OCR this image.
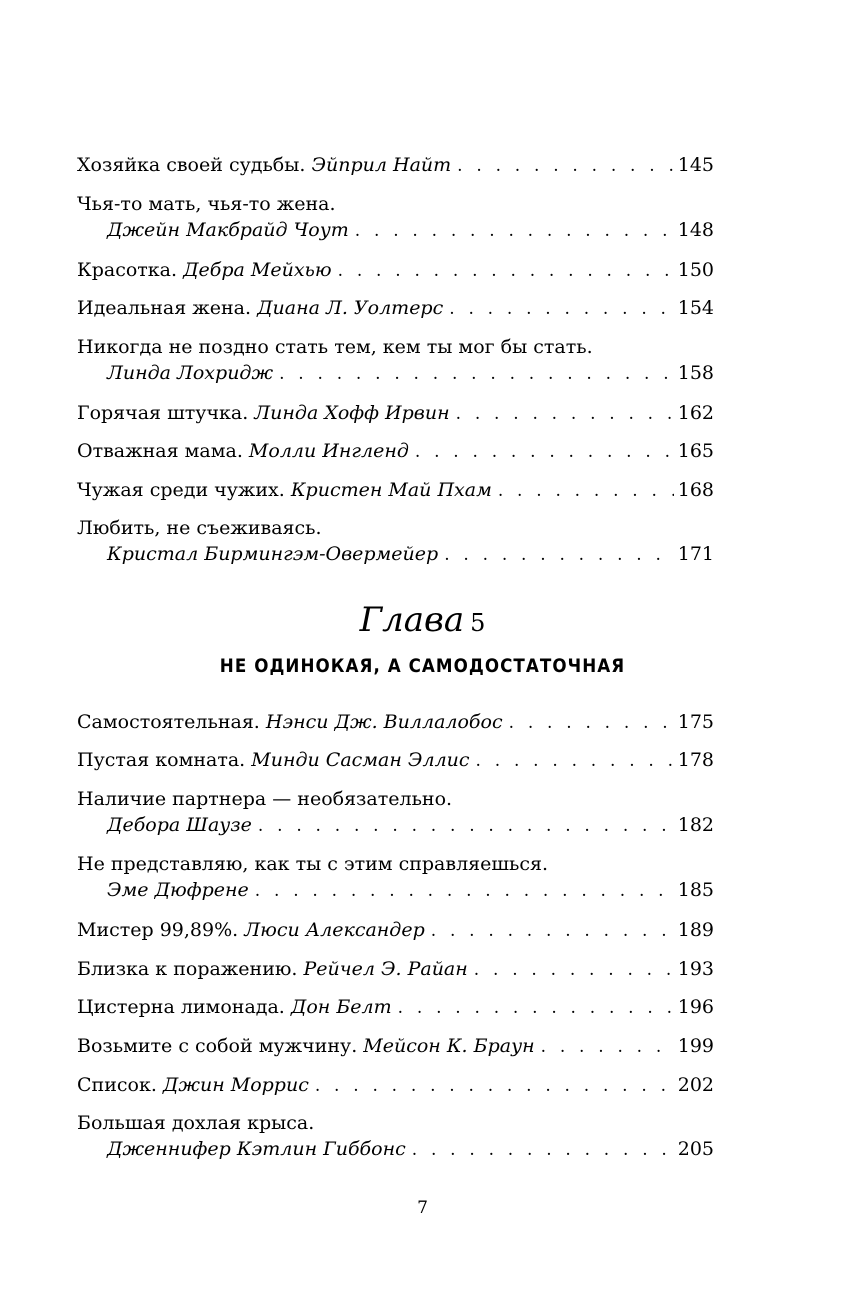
Хозяйка своей судьбы.
Эйприл Найт . . .	145
Чья-то мать, чья-то жена.
Джейн Макбрайд Чоут . . .	148
Красотка.
Дебра Мейхью . . .	150
Идеальная жена.
Диана Л. Уолтерс . . .	154
Никогда не поздно стать тем, кем ты мог бы стать.
Линда Лохридж . . .	158
Горячая штучка.
Линда Хофф Ирвин . . .	162
Отважная мама.
Молли Ингленд . . .	165
Чужая среди чужих.
Кристен Май Пхам . . .	168
Любить, не съеживаясь.
Кристал Бирмингэм-Овермейер . . .	171
Глава 5
НЕ ОДИНОКАЯ, А САМОДОСТАТОЧНАЯ
Самостоятельная.
Нэнси Дж. Виллалобос . . .	175
Пустая комната.
Минди Сасман Эллис . . .	178
Наличие партнера — необязательно.
Дебора Шаузе . . .	182
Не представляю, как ты с этим справляешься.
Эме Дюфрене . . .	185
Мистер 99,89%.
Люси Александер . . .	189
Близка к поражению.
Рейчел Э. Райан . . .	193
Цистерна лимонада.
Дон Белт . . .	196
Возьмите с собой мужчину.
Мейсон К. Браун . . .	199
Список.
Джин Моррис . . .	202
Большая дохлая крыса.
Дженнифер Кэтлин Гиббонс . . .	205
7
